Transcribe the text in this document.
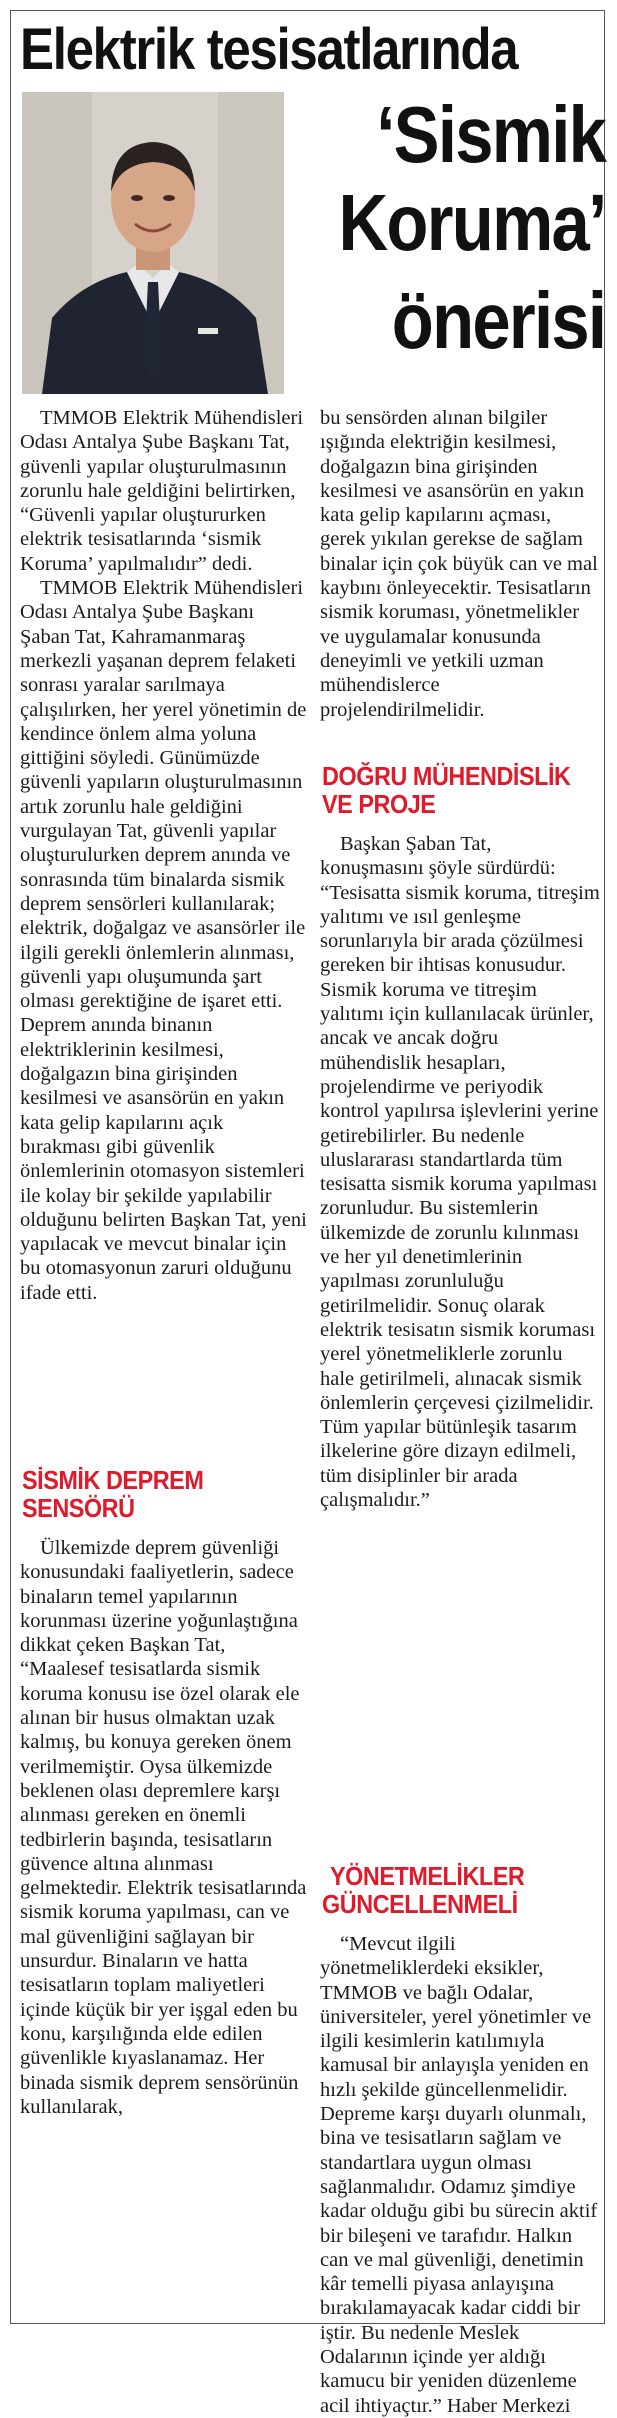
Elektrik tesisatlarında
‘Sismik
Koruma’
önerisi

TMMOB Elektrik Mühendisleri Odası Antalya Şube Başkanı Tat, güvenli yapılar oluşturulmasının zorunlu hale geldiğini belirtirken, “Güvenli yapılar oluştururken elektrik tesisatlarında ‘sismik Koruma’ yapılmalıdır” dedi.

TMMOB Elektrik Mühendisleri Odası Antalya Şube Başkanı Şaban Tat, Kahramanmaraş merkezli yaşanan deprem felaketi sonrası yaralar sarılmaya çalışılırken, her yerel yönetimin de kendince önlem alma yoluna gittiğini söyledi. Günümüzde güvenli yapıların oluşturulmasının artık zorunlu hale geldiğini vurgulayan Tat, güvenli yapılar oluşturulurken deprem anında ve sonrasında tüm binalarda sismik deprem sensörleri kullanılarak; elektrik, doğalgaz ve asansörler ile ilgili gerekli önlemlerin alınması, güvenli yapı oluşumunda şart olması gerektiğine de işaret etti.

Deprem anında binanın elektriklerinin kesilmesi, doğalgazın bina girişinden kesilmesi ve asansörün en yakın kata gelip kapılarını açık bırakması gibi güvenlik önlemlerinin otomasyon sistemleri ile kolay bir şekilde yapılabilir olduğunu belirten Başkan Tat, yeni yapılacak ve mevcut binalar için bu otomasyonun zaruri olduğunu ifade etti.

SİSMİK DEPREM
SENSÖRÜ

Ülkemizde deprem güvenliği konusundaki faaliyetlerin, sadece binaların temel yapılarının korunması üzerine yoğunlaştığına dikkat çeken Başkan Tat, “Maalesef tesisatlarda sismik koruma konusu ise özel olarak ele alınan bir husus olmaktan uzak kalmış, bu konuya gereken önem verilmemiştir. Oysa ülkemizde beklenen olası depremlere karşı alınması gereken en önemli tedbirlerin başında, tesisatların güvence altına alınması gelmektedir. Elektrik tesisatlarında sismik koruma yapılması, can ve mal güvenliğini sağlayan bir unsurdur. Binaların ve hatta tesisatların toplam maliyetleri içinde küçük bir yer işgal eden bu konu, karşılığında elde edilen güvenlikle kıyaslanamaz. Her binada sismik deprem sensörünün kullanılarak,

bu sensörden alınan bilgiler ışığında elektriğin kesilmesi, doğalgazın bina girişinden kesilmesi ve asansörün en yakın kata gelip kapılarını açması, gerek yıkılan gerekse de sağlam binalar için çok büyük can ve mal kaybını önleyecektir. Tesisatların sismik koruması, yönetmelikler ve uygulamalar konusunda deneyimli ve yetkili uzman mühendislerce projelendirilmelidir.

DOĞRU MÜHENDİSLİK
VE PROJE

Başkan Şaban Tat, konuşmasını şöyle sürdürdü: “Tesisatta sismik koruma, titreşim yalıtımı ve ısıl genleşme sorunlarıyla bir arada çözülmesi gereken bir ihtisas konusudur. Sismik koruma ve titreşim yalıtımı için kullanılacak ürünler, ancak ve ancak doğru mühendislik hesapları, projelendirme ve periyodik kontrol yapılırsa işlevlerini yerine getirebilirler. Bu nedenle uluslararası standartlarda tüm tesisatta sismik koruma yapılması zorunludur. Bu sistemlerin ülkemizde de zorunlu kılınması ve her yıl denetimlerinin yapılması zorunluluğu getirilmelidir. Sonuç olarak elektrik tesisatın sismik koruması yerel yönetmeliklerle zorunlu hale getirilmeli, alınacak sismik önlemlerin çerçevesi çizilmelidir. Tüm yapılar bütünleşik tasarım ilkelerine göre dizayn edilmeli, tüm disiplinler bir arada çalışmalıdır.”

YÖNETMELİKLER
GÜNCELLENMELİ

“Mevcut ilgili yönetmeliklerdeki eksikler, TMMOB ve bağlı Odalar, üniversiteler, yerel yönetimler ve ilgili kesimlerin katılımıyla kamusal bir anlayışla yeniden en hızlı şekilde güncellenmelidir. Depreme karşı duyarlı olunmalı, bina ve tesisatların sağlam ve standartlara uygun olması sağlanmalıdır. Odamız şimdiye kadar olduğu gibi bu sürecin aktif bir bileşeni ve tarafıdır. Halkın can ve mal güvenliği, denetimin kâr temelli piyasa anlayışına bırakılamayacak kadar ciddi bir iştir. Bu nedenle Meslek Odalarının içinde yer aldığı kamucu bir yeniden düzenleme acil ihtiyaçtır.” Haber Merkezi
